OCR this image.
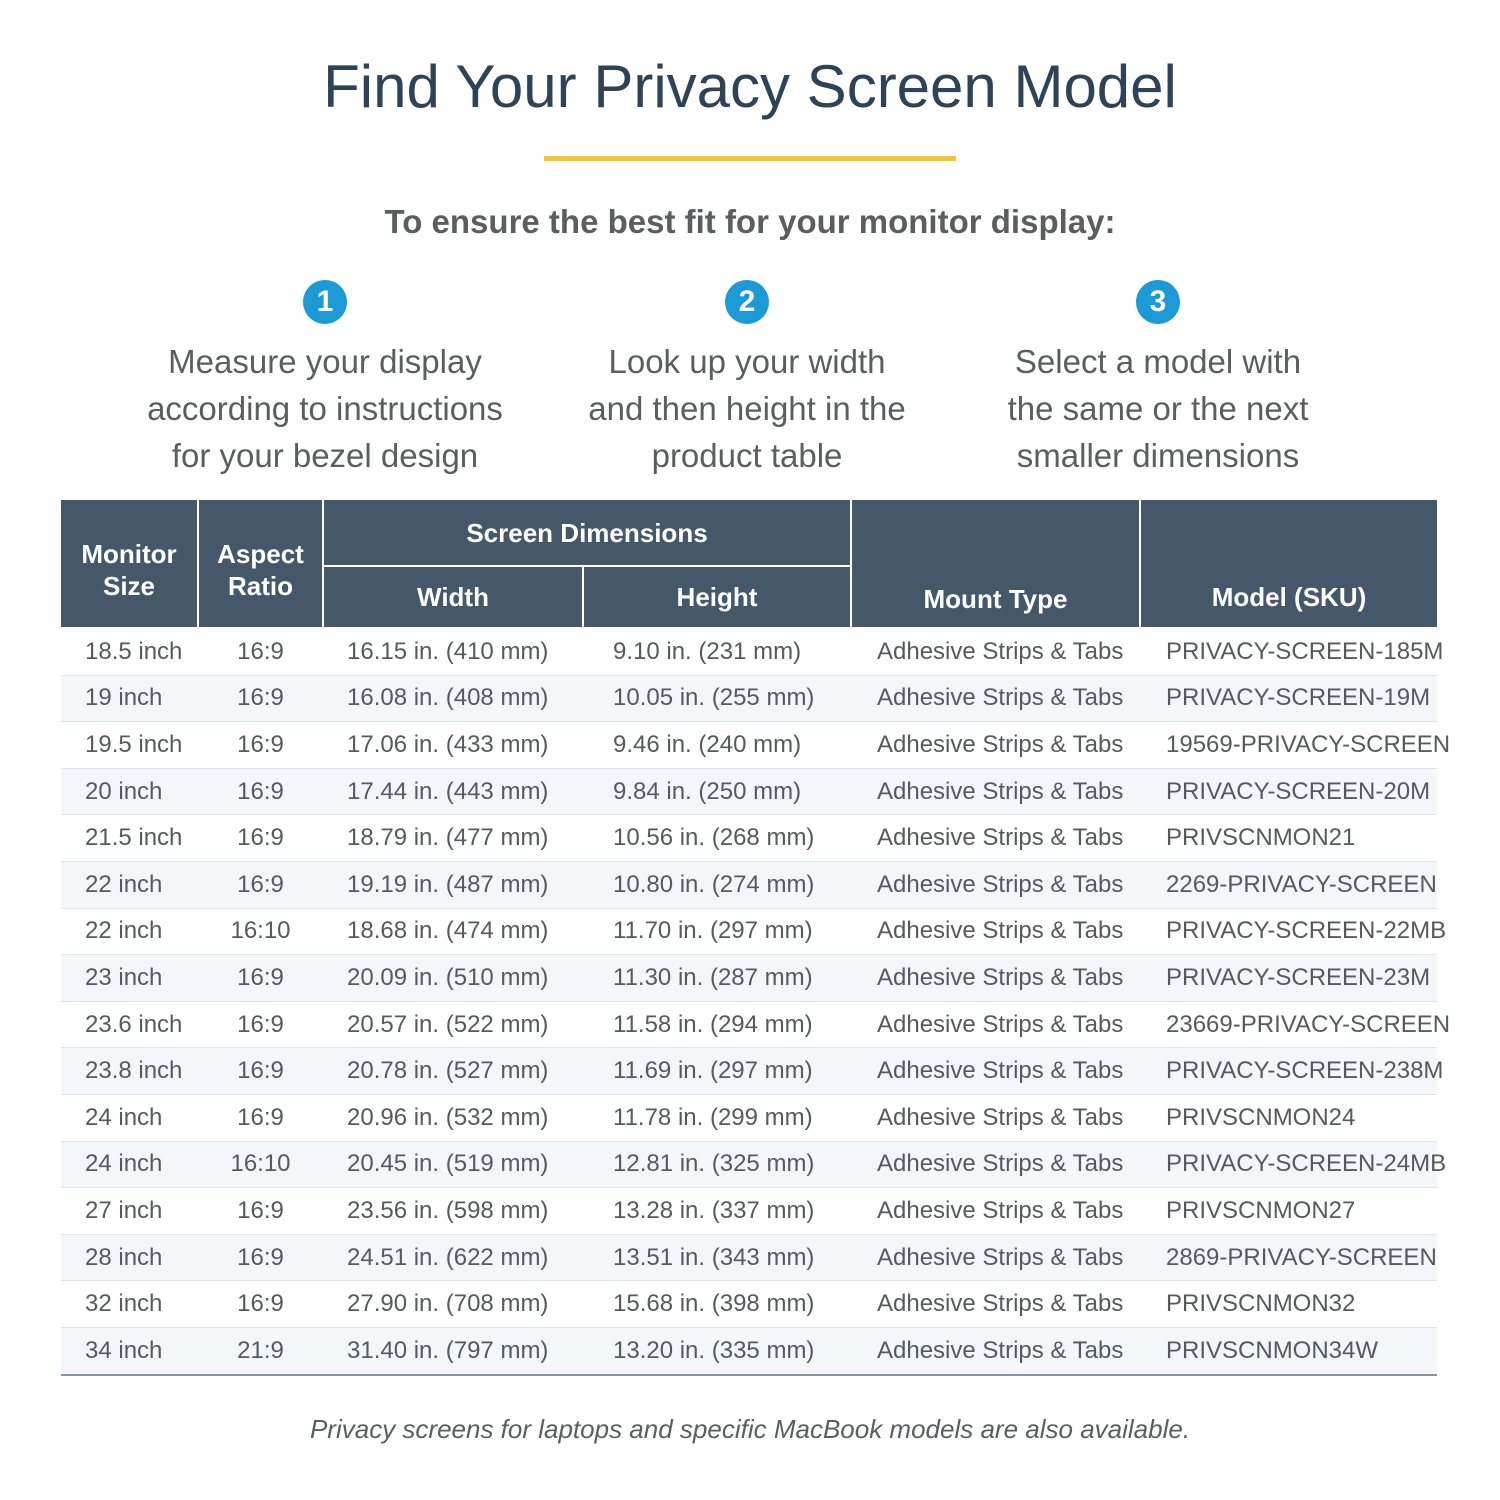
Find Your Privacy Screen Model

To ensure the best fit for your monitor display:

1
Measure your display according to instructions for your bezel design
2
Look up your width and then height in the product table
3
Select a model with the same or the next smaller dimensions
Monitor Size	Aspect Ratio	Screen Dimensions		Mount Type	Model (SKU)
		Width	Height		
18.5 inch	16:9	16.15 in. (410 mm)	9.10 in. (231 mm)	Adhesive Strips & Tabs	PRIVACY-SCREEN-185M
19 inch	16:9	16.08 in. (408 mm)	10.05 in. (255 mm)	Adhesive Strips & Tabs	PRIVACY-SCREEN-19M
19.5 inch	16:9	17.06 in. (433 mm)	9.46 in. (240 mm)	Adhesive Strips & Tabs	19569-PRIVACY-SCREEN
20 inch	16:9	17.44 in. (443 mm)	9.84 in. (250 mm)	Adhesive Strips & Tabs	PRIVACY-SCREEN-20M
21.5 inch	16:9	18.79 in. (477 mm)	10.56 in. (268 mm)	Adhesive Strips & Tabs	PRIVSCNMON21
22 inch	16:9	19.19 in. (487 mm)	10.80 in. (274 mm)	Adhesive Strips & Tabs	2269-PRIVACY-SCREEN
22 inch	16:10	18.68 in. (474 mm)	11.70 in. (297 mm)	Adhesive Strips & Tabs	PRIVACY-SCREEN-22MB
23 inch	16:9	20.09 in. (510 mm)	11.30 in. (287 mm)	Adhesive Strips & Tabs	PRIVACY-SCREEN-23M
23.6 inch	16:9	20.57 in. (522 mm)	11.58 in. (294 mm)	Adhesive Strips & Tabs	23669-PRIVACY-SCREEN
23.8 inch	16:9	20.78 in. (527 mm)	11.69 in. (297 mm)	Adhesive Strips & Tabs	PRIVACY-SCREEN-238M
24 inch	16:9	20.96 in. (532 mm)	11.78 in. (299 mm)	Adhesive Strips & Tabs	PRIVSCNMON24
24 inch	16:10	20.45 in. (519 mm)	12.81 in. (325 mm)	Adhesive Strips & Tabs	PRIVACY-SCREEN-24MB
27 inch	16:9	23.56 in. (598 mm)	13.28 in. (337 mm)	Adhesive Strips & Tabs	PRIVSCNMON27
28 inch	16:9	24.51 in. (622 mm)	13.51 in. (343 mm)	Adhesive Strips & Tabs	2869-PRIVACY-SCREEN
32 inch	16:9	27.90 in. (708 mm)	15.68 in. (398 mm)	Adhesive Strips & Tabs	PRIVSCNMON32
34 inch	21:9	31.40 in. (797 mm)	13.20 in. (335 mm)	Adhesive Strips & Tabs	PRIVSCNMON34W

Privacy screens for laptops and specific MacBook models are also available.
